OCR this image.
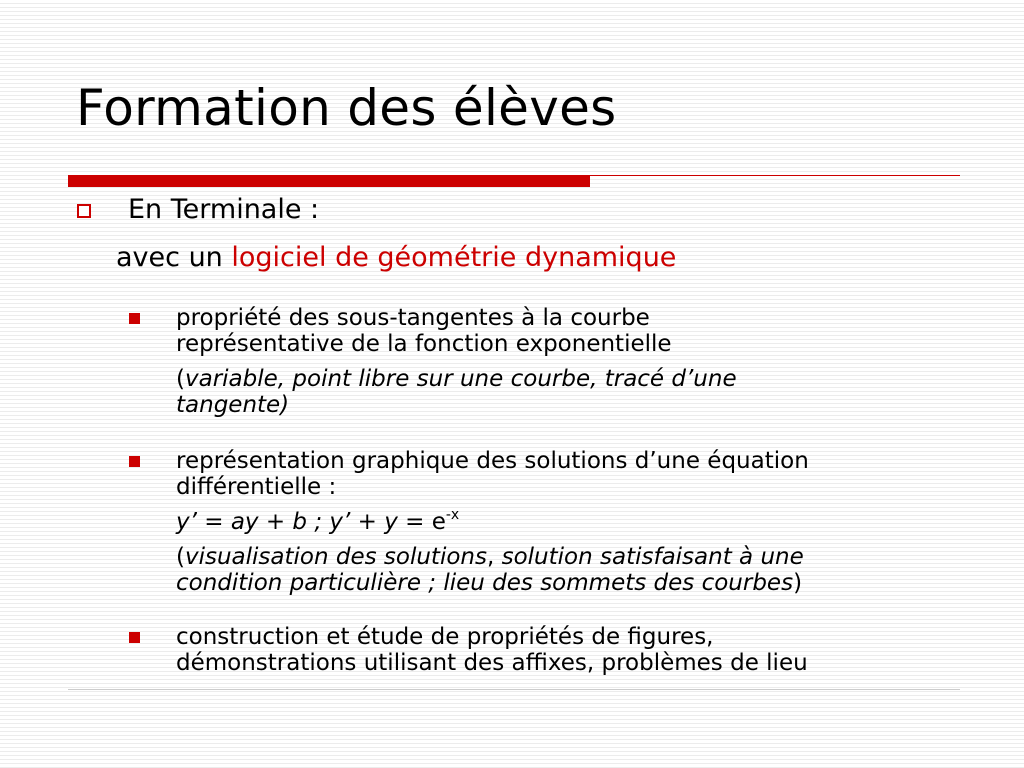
Formation des élèves
En Terminale :
avec un logiciel de géométrie dynamique

propriété des sous-tangentes à la courbe

représentative de la fonction exponentielle

(variable, point libre sur une courbe, tracé d’une

tangente)

représentation graphique des solutions d’une équation

différentielle :

y’ = ay + b ; y’ + $y = e^{-x}$

(visualisation des solutions, solution satisfaisant à une

condition particulière ; lieu des sommets des courbes)

construction et étude de propriétés de figures,

démonstrations utilisant des affixes, problèmes de lieu
